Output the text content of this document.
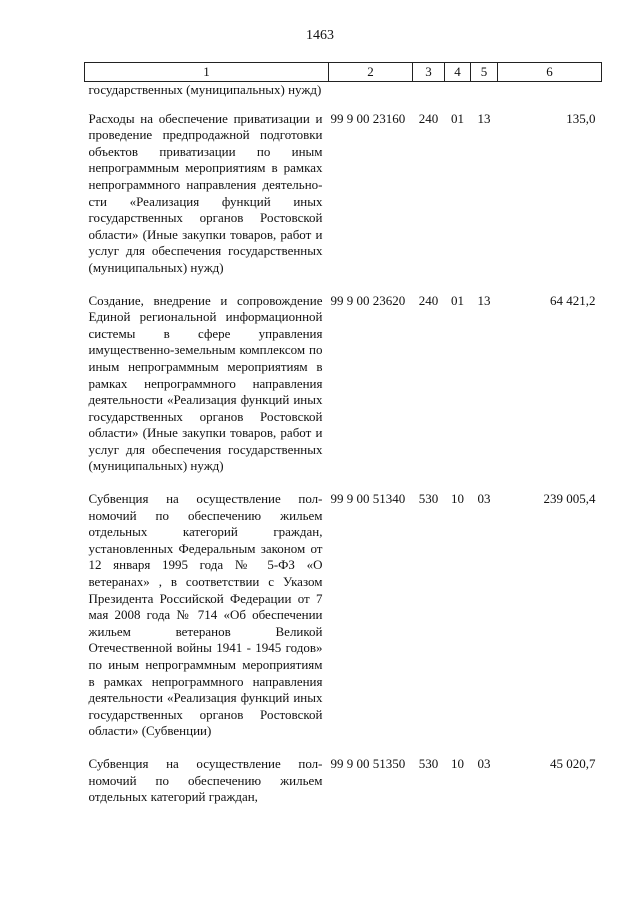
1463
1	2	3	4	5	6
государственных (муниципальных) нужд)					
Расходы на обеспечение приватизации и проведение предпродажной подготовки объектов приватизации по иным непрограммным мероприятиям в рамках непрограммного направления деятельности «Реализация функций иных государственных органов Ростовской области» (Иные закупки товаров, работ и услуг для обеспечения государственных (муниципальных) нужд)	99 9 00 23160	240	01	13	135,0
Создание, внедрение и сопровождение Единой региональной информационной системы в сфере управления имущественно-земельным комплексом по иным непрограммным мероприятиям в рамках непрограммного направления деятельности «Реализация функций иных государственных органов Ростовской области» (Иные закупки товаров, работ и услуг для обеспечения государственных (муниципальных) нужд)	99 9 00 23620	240	01	13	64 421,2
Субвенция на осуществление полномочий по обеспечению жильем отдельных категорий граждан, установленных Федеральным законом от 12 января 1995 года № 5-ФЗ «О ветеранах» , в соответствии с Указом Президента Российской Федерации от 7 мая 2008 года № 714 «Об обеспечении жильем ветеранов Великой Отечественной войны 1941 - 1945 годов» по иным непрограммным мероприятиям в рамках непрограммного направления деятельности «Реализация функций иных государственных органов Ростовской области» (Субвенции)	99 9 00 51340	530	10	03	239 005,4
Субвенция на осуществление полномочий по обеспечению жильем отдельных категорий граждан,	99 9 00 51350	530	10	03	45 020,7
